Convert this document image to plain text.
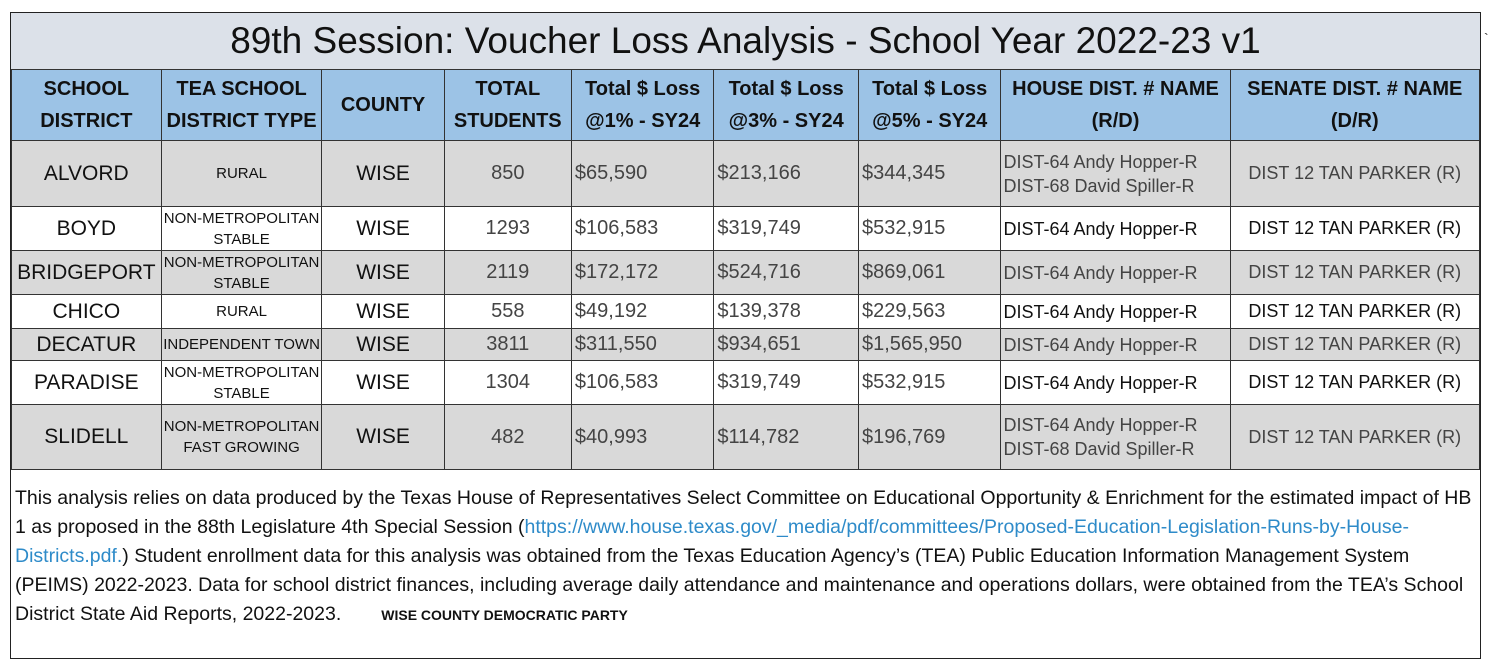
89th Session: Voucher Loss Analysis - School Year 2022-23 v1
SCHOOL DISTRICT	TEA SCHOOL DISTRICT TYPE	COUNTY	TOTAL STUDENTS	Total $ Loss @1% - SY24	Total $ Loss @3% - SY24	Total $ Loss @5% - SY24	HOUSE DIST. # NAME (R/D)	SENATE DIST. # NAME (D/R)
ALVORD	RURAL	WISE	850	$65,590	$213,166	$344,345	DIST-64 Andy Hopper-R
DIST-68 David Spiller-R	DIST 12 TAN PARKER (R)
BOYD	NON-METROPOLITAN STABLE	WISE	1293	$106,583	$319,749	$532,915	DIST-64 Andy Hopper-R	DIST 12 TAN PARKER (R)
BRIDGEPORT	NON-METROPOLITAN STABLE	WISE	2119	$172,172	$524,716	$869,061	DIST-64 Andy Hopper-R	DIST 12 TAN PARKER (R)
CHICO	RURAL	WISE	558	$49,192	$139,378	$229,563	DIST-64 Andy Hopper-R	DIST 12 TAN PARKER (R)
DECATUR	INDEPENDENT TOWN	WISE	3811	$311,550	$934,651	$1,565,950	DIST-64 Andy Hopper-R	DIST 12 TAN PARKER (R)
PARADISE	NON-METROPOLITAN STABLE	WISE	1304	$106,583	$319,749	$532,915	DIST-64 Andy Hopper-R	DIST 12 TAN PARKER (R)
SLIDELL	NON-METROPOLITAN FAST GROWING	WISE	482	$40,993	$114,782	$196,769	DIST-64 Andy Hopper-R
DIST-68 David Spiller-R	DIST 12 TAN PARKER (R)
This analysis relies on data produced by the Texas House of Representatives Select Committee on Educational Opportunity & Enrichment for the estimated impact of HB 1 as proposed in the 88th Legislature 4th Special Session (https://www.house.texas.gov/_media/pdf/committees/Proposed-Education-Legislation-Runs-by-House-Districts.pdf.) Student enrollment data for this analysis was obtained from the Texas Education Agency’s (TEA) Public Education Information Management System (PEIMS) 2022-2023. Data for school district finances, including average daily attendance and maintenance and operations dollars, were obtained from the TEA’s School District State Aid Reports, 2022-2023.	WISE COUNTY DEMOCRATIC PARTY
`
